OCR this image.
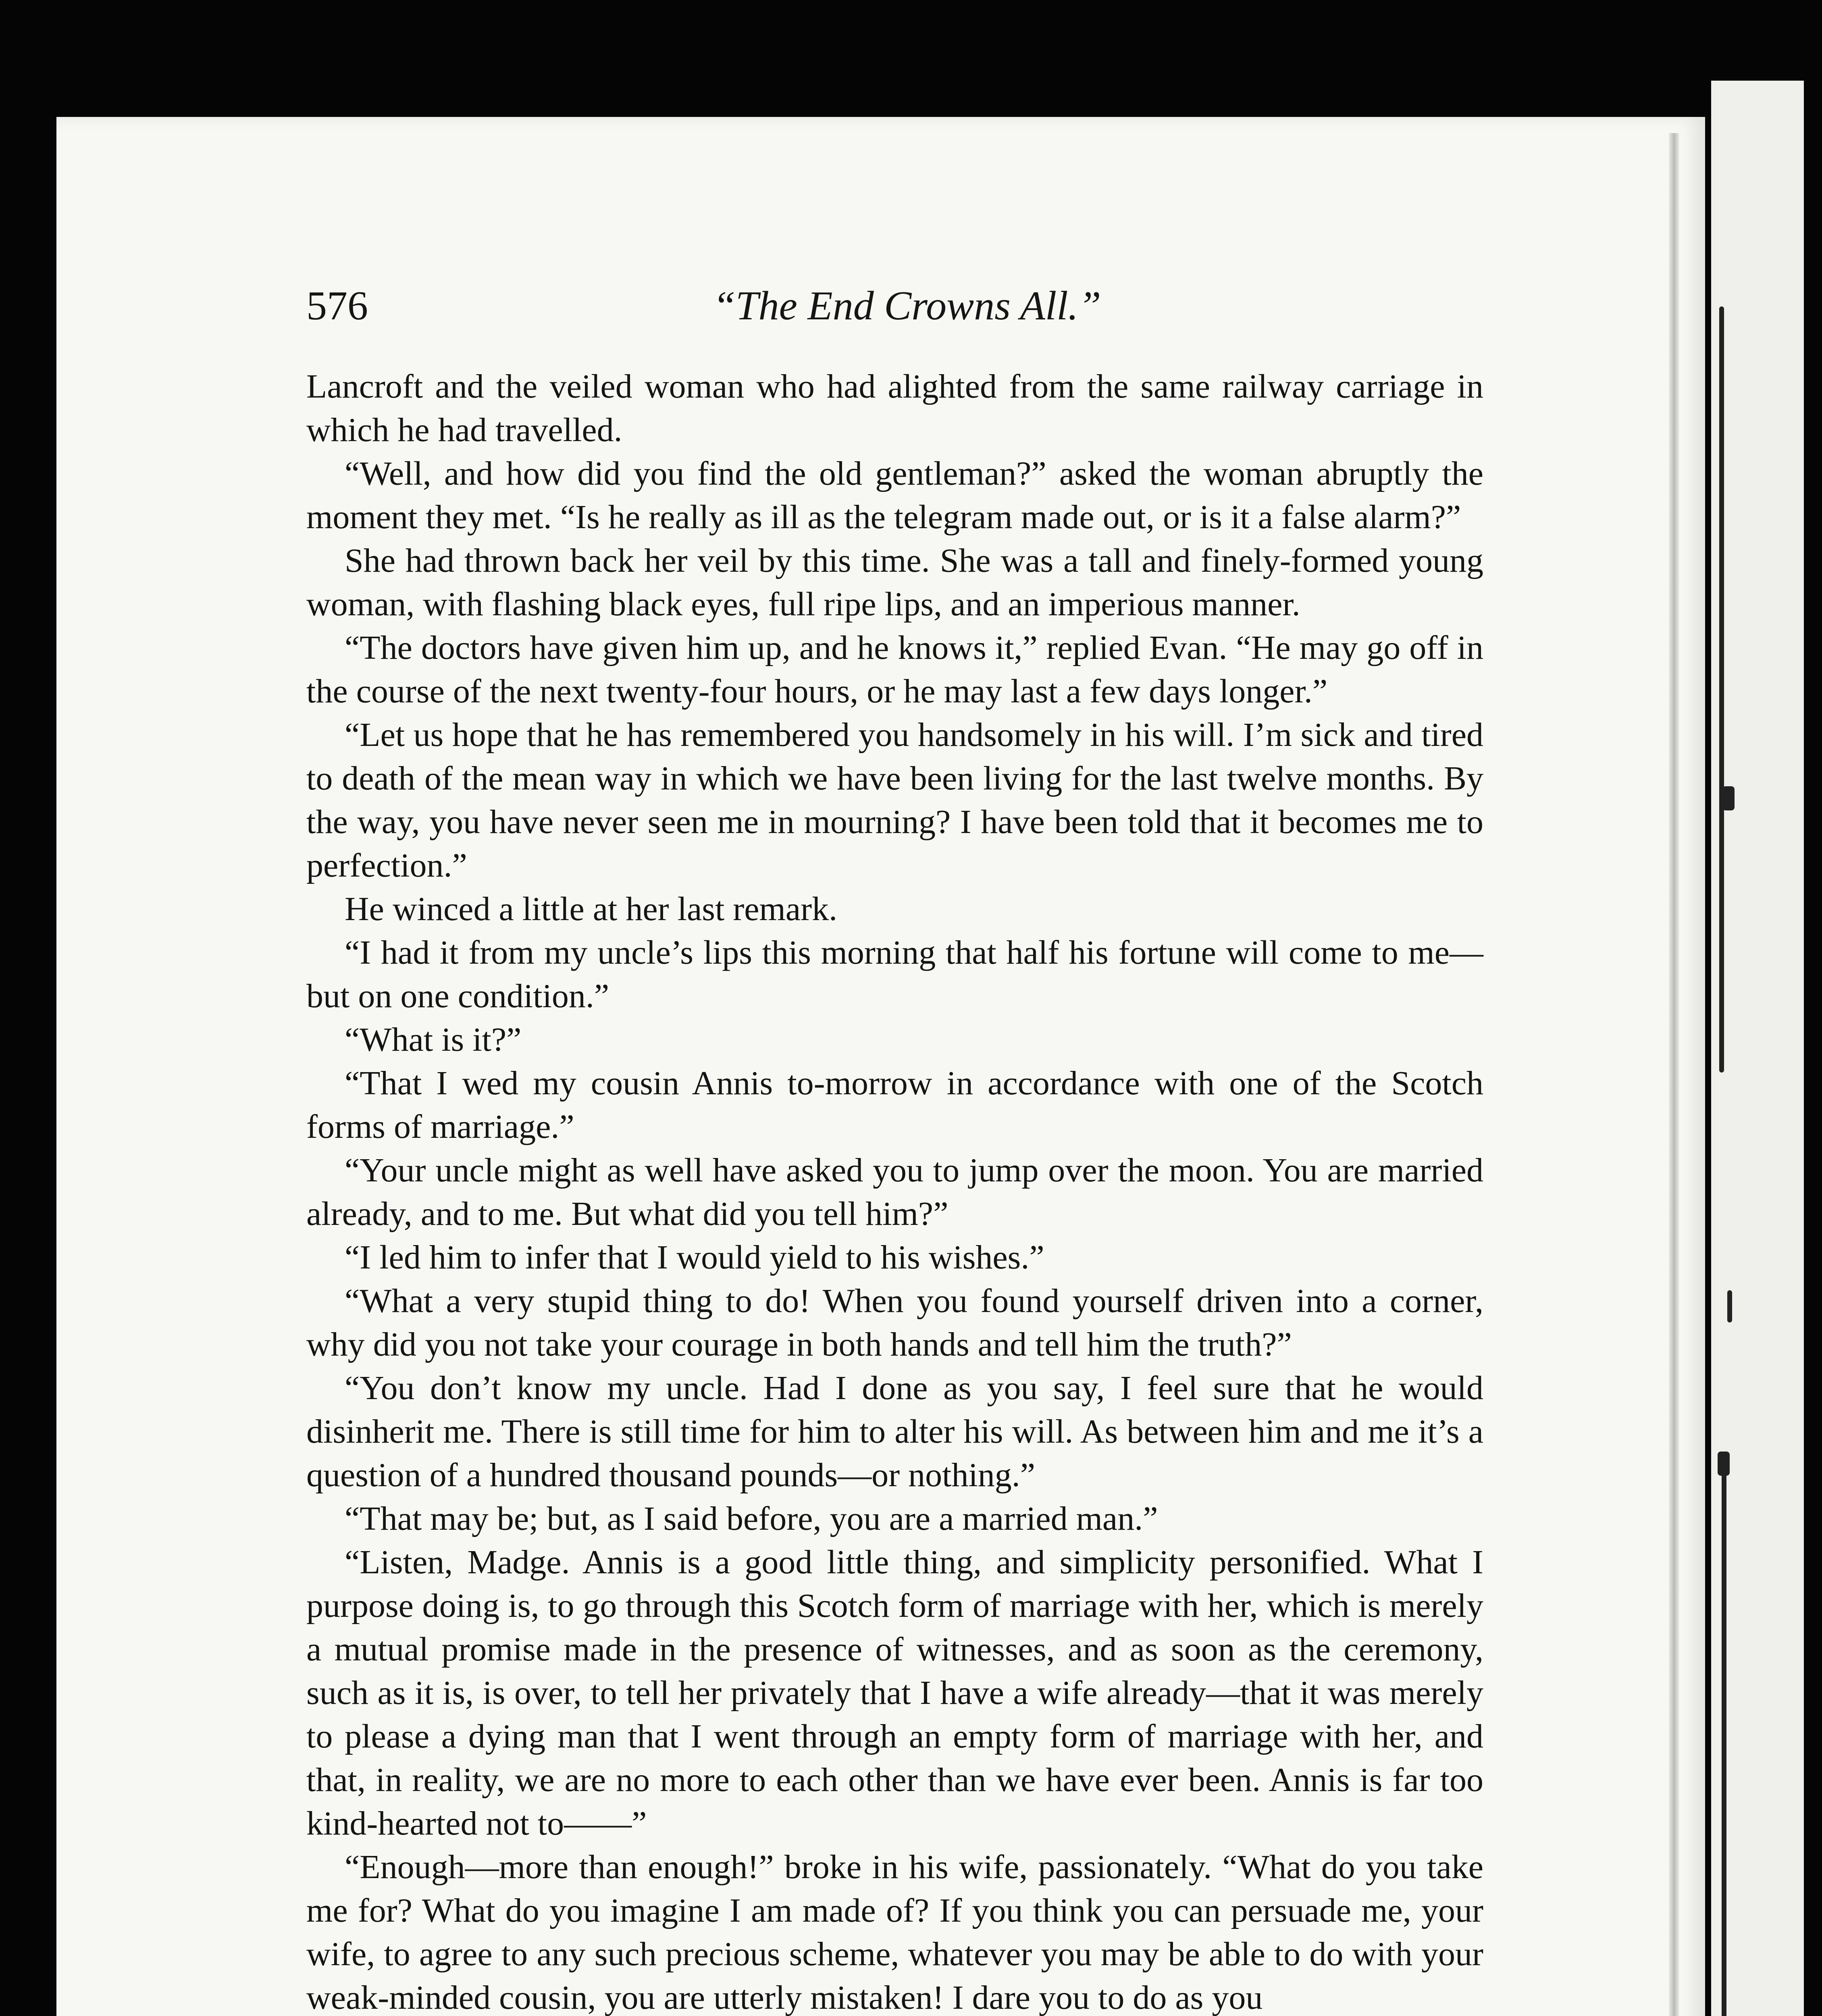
576	“The End Crowns All.”

Lancroft and the veiled woman who had alighted from the same railway carriage in which he had travelled.

“Well, and how did you find the old gentleman?” asked the woman abruptly the moment they met. “Is he really as ill as the telegram made out, or is it a false alarm?”

She had thrown back her veil by this time. She was a tall and finely-formed young woman, with flashing black eyes, full ripe lips, and an imperious manner.

“The doctors have given him up, and he knows it,” replied Evan. “He may go off in the course of the next twenty-four hours, or he may last a few days longer.”

“Let us hope that he has remembered you handsomely in his will. I’m sick and tired to death of the mean way in which we have been living for the last twelve months. By the way, you have never seen me in mourning? I have been told that it becomes me to perfection.”

He winced a little at her last remark.

“I had it from my uncle’s lips this morning that half his fortune will come to me—but on one condition.”

“What is it?”

“That I wed my cousin Annis to-morrow in accordance with one of the Scotch forms of marriage.”

“Your uncle might as well have asked you to jump over the moon. You are married already, and to me. But what did you tell him?”

“I led him to infer that I would yield to his wishes.”

“What a very stupid thing to do! When you found yourself driven into a corner, why did you not take your courage in both hands and tell him the truth?”

“You don’t know my uncle. Had I done as you say, I feel sure that he would disinherit me. There is still time for him to alter his will. As between him and me it’s a question of a hundred thousand pounds—or nothing.”

“That may be; but, as I said before, you are a married man.”

“Listen, Madge. Annis is a good little thing, and simplicity personified. What I purpose doing is, to go through this Scotch form of marriage with her, which is merely a mutual promise made in the presence of witnesses, and as soon as the ceremony, such as it is, is over, to tell her privately that I have a wife already—that it was merely to please a dying man that I went through an empty form of marriage with her, and that, in reality, we are no more to each other than we have ever been. Annis is far too kind-hearted not to——”

“Enough—more than enough!” broke in his wife, passionately. “What do you take me for? What do you imagine I am made of? If you think you can persuade me, your wife, to agree to any such precious scheme, whatever you may be able to do with your weak-minded cousin, you are utterly mistaken! I dare you to do as you
